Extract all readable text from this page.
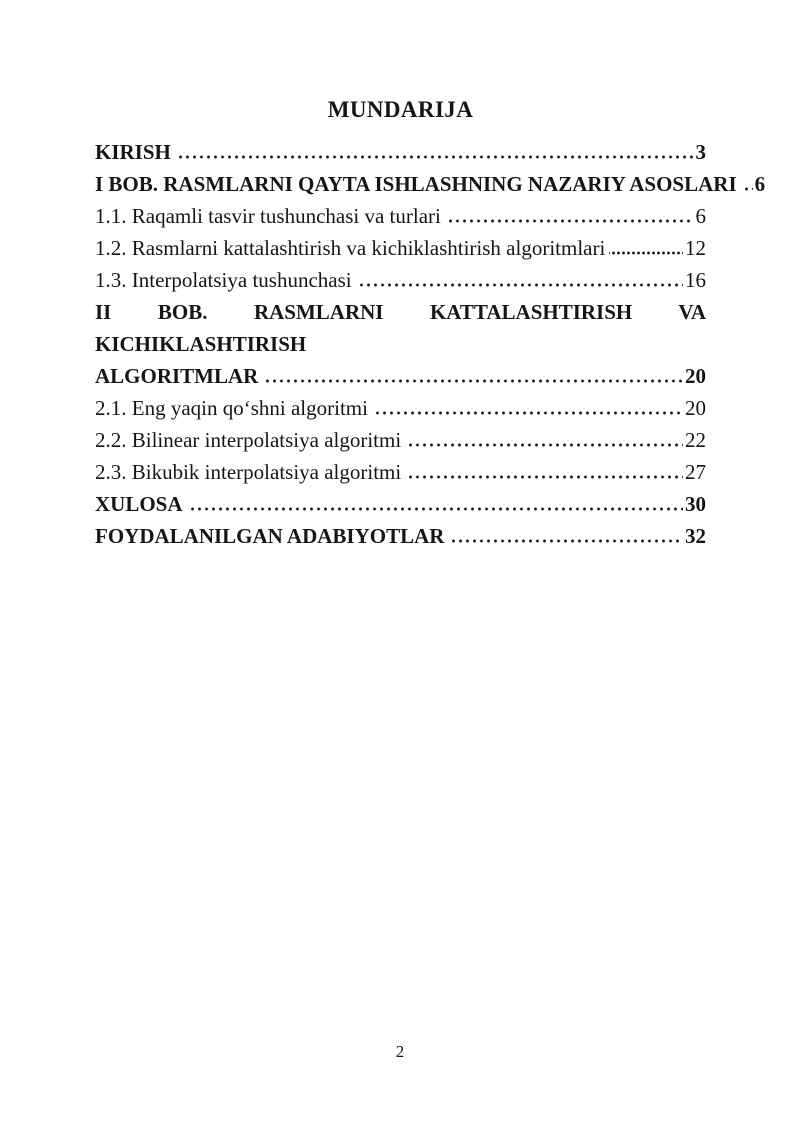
MUNDARIJA
KIRISH	3
I BOB. RASMLARNI QAYTA ISHLASHNING NAZARIY ASOSLARI 6
1.1. Raqamli tasvir tushunchasi va turlari	6
1.2. Rasmlarni kattalashtirish va kichiklashtirish algoritmlari	12
1.3. Interpolatsiya tushunchasi	16
II BOB. RASMLARNI KATTALASHTIRISH VA KICHIKLASHTIRISH
ALGORITMLAR	20
2.1. Eng yaqin qo‘shni algoritmi	20
2.2. Bilinear interpolatsiya algoritmi	22
2.3. Bikubik interpolatsiya algoritmi	27
XULOSA	30
FOYDALANILGAN ADABIYOTLAR	32
2
